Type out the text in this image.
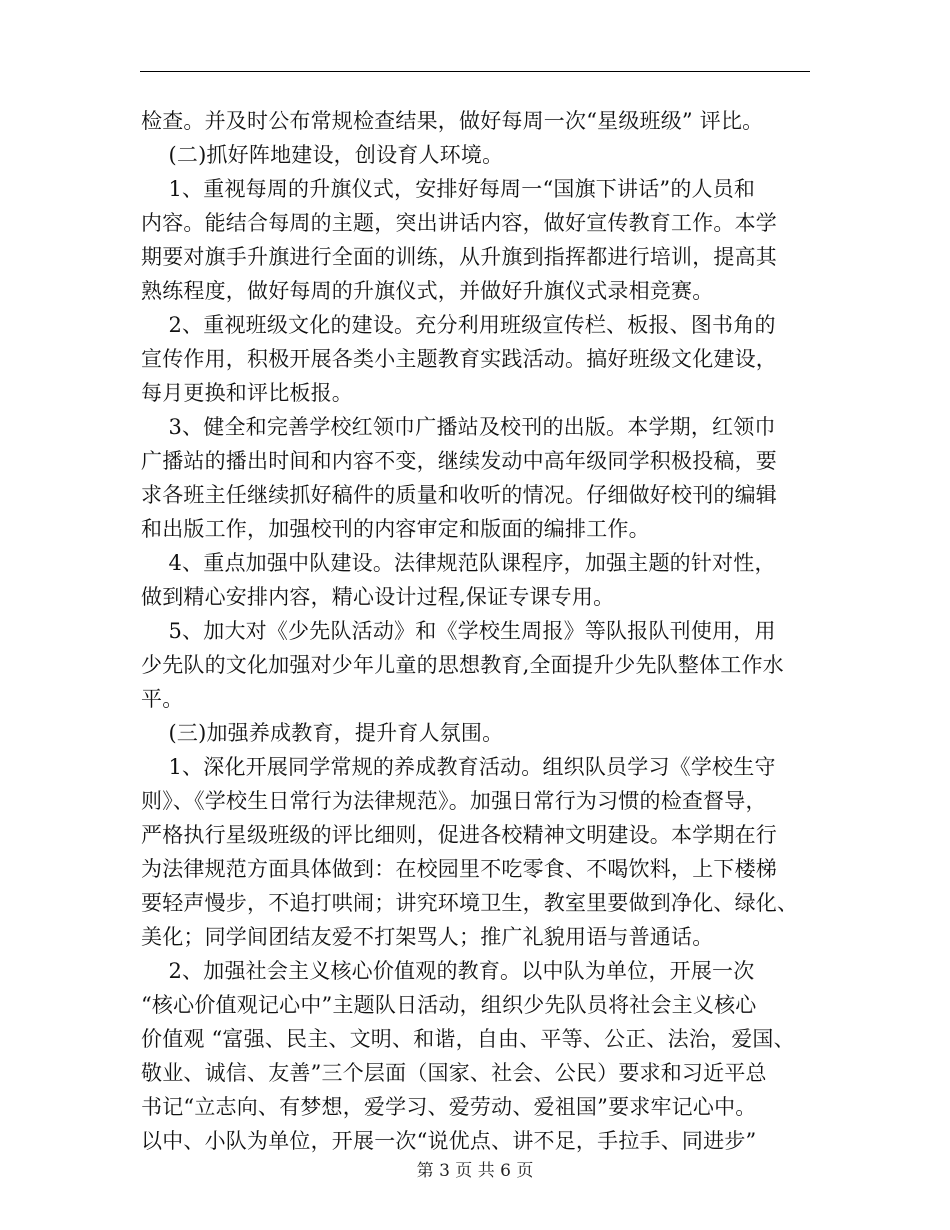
检查。并及时公布常规检查结果，做好每周一次“星级班级” 评比。
(二)抓好阵地建设，创设育人环境。
1、重视每周的升旗仪式，安排好每周一“国旗下讲话”的人员和
内容。能结合每周的主题，突出讲话内容，做好宣传教育工作。本学
期要对旗手升旗进行全面的训练，从升旗到指挥都进行培训，提高其
熟练程度，做好每周的升旗仪式，并做好升旗仪式录相竞赛。
2、重视班级文化的建设。充分利用班级宣传栏、板报、图书角的
宣传作用，积极开展各类小主题教育实践活动。搞好班级文化建设，
每月更换和评比板报。
3、健全和完善学校红领巾广播站及校刊的出版。本学期，红领巾
广播站的播出时间和内容不变，继续发动中高年级同学积极投稿，要
求各班主任继续抓好稿件的质量和收听的情况。仔细做好校刊的编辑
和出版工作，加强校刊的内容审定和版面的编排工作。
4、重点加强中队建设。法律规范队课程序，加强主题的针对性，
做到精心安排内容，精心设计过程,保证专课专用。
5、加大对《少先队活动》和《学校生周报》等队报队刊使用，用
少先队的文化加强对少年儿童的思想教育,全面提升少先队整体工作水
平。
(三)加强养成教育，提升育人氛围。
1、深化开展同学常规的养成教育活动。组织队员学习《学校生守
则》、《学校生日常行为法律规范》。加强日常行为习惯的检查督导，
严格执行星级班级的评比细则，促进各校精神文明建设。本学期在行
为法律规范方面具体做到：在校园里不吃零食、不喝饮料，上下楼梯
要轻声慢步，不追打哄闹；讲究环境卫生，教室里要做到净化、绿化、
美化；同学间团结友爱不打架骂人；推广礼貌用语与普通话。
2、加强社会主义核心价值观的教育。以中队为单位，开展一次
“核心价值观记心中”主题队日活动，组织少先队员将社会主义核心
价值观 “富强、民主、文明、和谐，自由、平等、公正、法治，爱国、
敬业、诚信、友善”三个层面（国家、社会、公民）要求和习近平总
书记“立志向、有梦想，爱学习、爱劳动、爱祖国”要求牢记心中。
以中、小队为单位，开展一次“说优点、讲不足，手拉手、同进步”
第 3 页 共 6 页
